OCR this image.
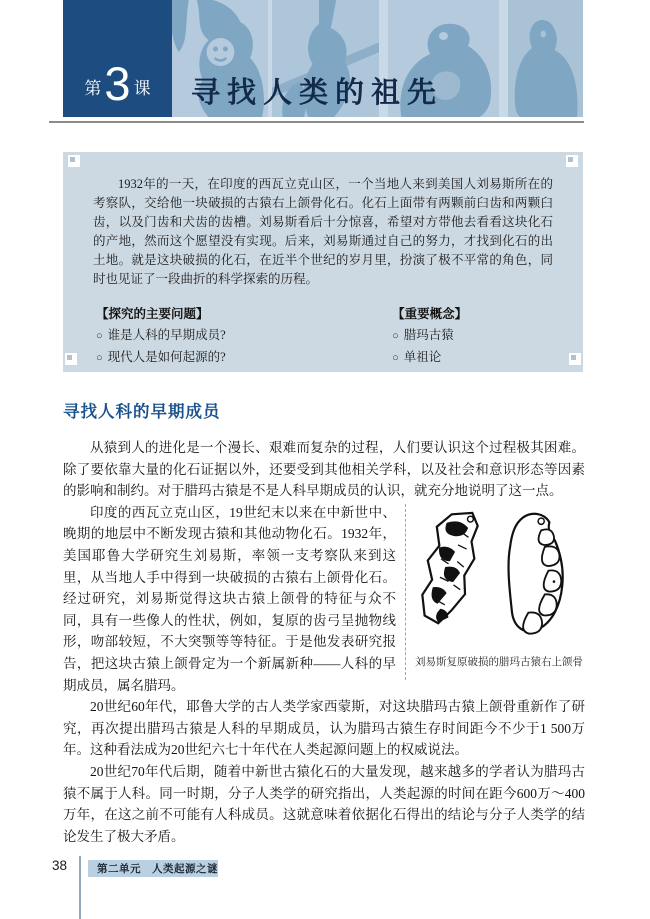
第 3 课 寻找人类的祖先
1932年的一天，在印度的西瓦立克山区，一个当地人来到美国人刘易斯所在的考察队，交给他一块破损的古猿右上颌骨化石。化石上面带有两颗前臼齿和两颗臼齿，以及门齿和犬齿的齿槽。刘易斯看后十分惊喜，希望对方带他去看看这块化石的产地，然而这个愿望没有实现。后来，刘易斯通过自己的努力，才找到化石的出土地。就是这块破损的化石，在近半个世纪的岁月里，扮演了极不平常的角色，同时也见证了一段曲折的科学探索的历程。
【探究的主要问题】
○ 谁是人科的早期成员?
○ 现代人是如何起源的?
【重要概念】
○ 腊玛古猿
○ 单祖论
寻找人科的早期成员

从猿到人的进化是一个漫长、艰难而复杂的过程，人们要认识这个过程极其困难。除了要依靠大量的化石证据以外，还要受到其他相关学科，以及社会和意识形态等因素的影响和制约。对于腊玛古猿是不是人科早期成员的认识，就充分地说明了这一点。

刘易斯复原破损的腊玛古猿右上颌骨

印度的西瓦立克山区，19世纪末以来在中新世中、晚期的地层中不断发现古猿和其他动物化石。1932年，美国耶鲁大学研究生刘易斯，率领一支考察队来到这里，从当地人手中得到一块破损的古猿右上颌骨化石。经过研究，刘易斯觉得这块古猿上颌骨的特征与众不同，具有一些像人的性状，例如，复原的齿弓呈抛物线形，吻部较短，不大突颚等等特征。于是他发表研究报告，把这块古猿上颌骨定为一个新属新种——人科的早期成员，属名腊玛。

20世纪60年代，耶鲁大学的古人类学家西蒙斯，对这块腊玛古猿上颌骨重新作了研究，再次提出腊玛古猿是人科的早期成员，认为腊玛古猿生存时间距今不少于1 500万年。这种看法成为20世纪六七十年代在人类起源问题上的权威说法。

20世纪70年代后期，随着中新世古猿化石的大量发现，越来越多的学者认为腊玛古猿不属于人科。同一时期，分子人类学的研究指出，人类起源的时间在距今600万～400万年，在这之前不可能有人科成员。这就意味着依据化石得出的结论与分子人类学的结论发生了极大矛盾。

38	第二单元　人类起源之谜
